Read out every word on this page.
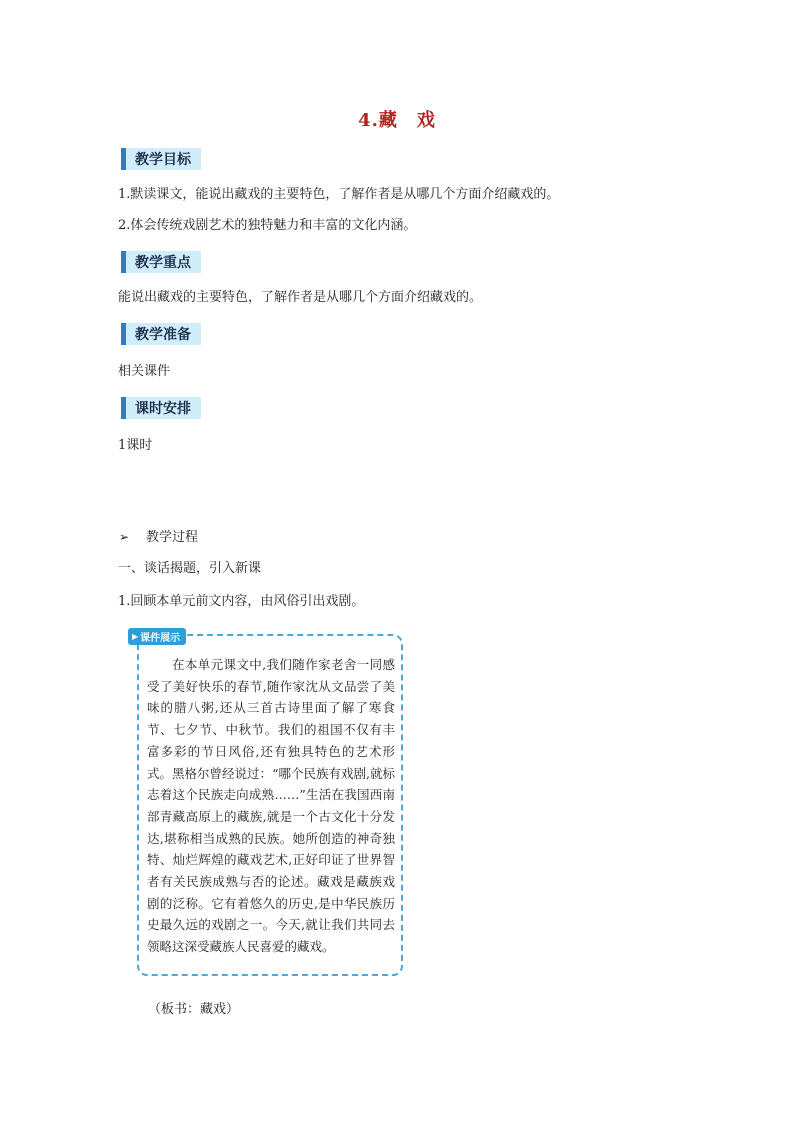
4.藏　戏
教学目标
1.默读课文，能说出藏戏的主要特色，了解作者是从哪几个方面介绍藏戏的。
2.体会传统戏剧艺术的独特魅力和丰富的文化内涵。
教学重点
能说出藏戏的主要特色，了解作者是从哪几个方面介绍藏戏的。
教学准备
相关课件
课时安排
1课时
➢ 教学过程
一、谈话揭题，引入新课
1.回顾本单元前文内容，由风俗引出戏剧。
▶ 课件展示

在本单元课文中,我们随作家老舍一同感受了美好快乐的春节,随作家沈从文品尝了美味的腊八粥,还从三首古诗里面了解了寒食节、七夕节、中秋节。我们的祖国不仅有丰富多彩的节日风俗,还有独具特色的艺术形式。黑格尔曾经说过：“哪个民族有戏剧,就标志着这个民族走向成熟……”生活在我国西南部青藏高原上的藏族,就是一个古文化十分发达,堪称相当成熟的民族。她所创造的神奇独特、灿烂辉煌的藏戏艺术,正好印证了世界智者有关民族成熟与否的论述。藏戏是藏族戏剧的泛称。它有着悠久的历史,是中华民族历史最久远的戏剧之一。今天,就让我们共同去领略这深受藏族人民喜爱的藏戏。

（板书：藏戏）
